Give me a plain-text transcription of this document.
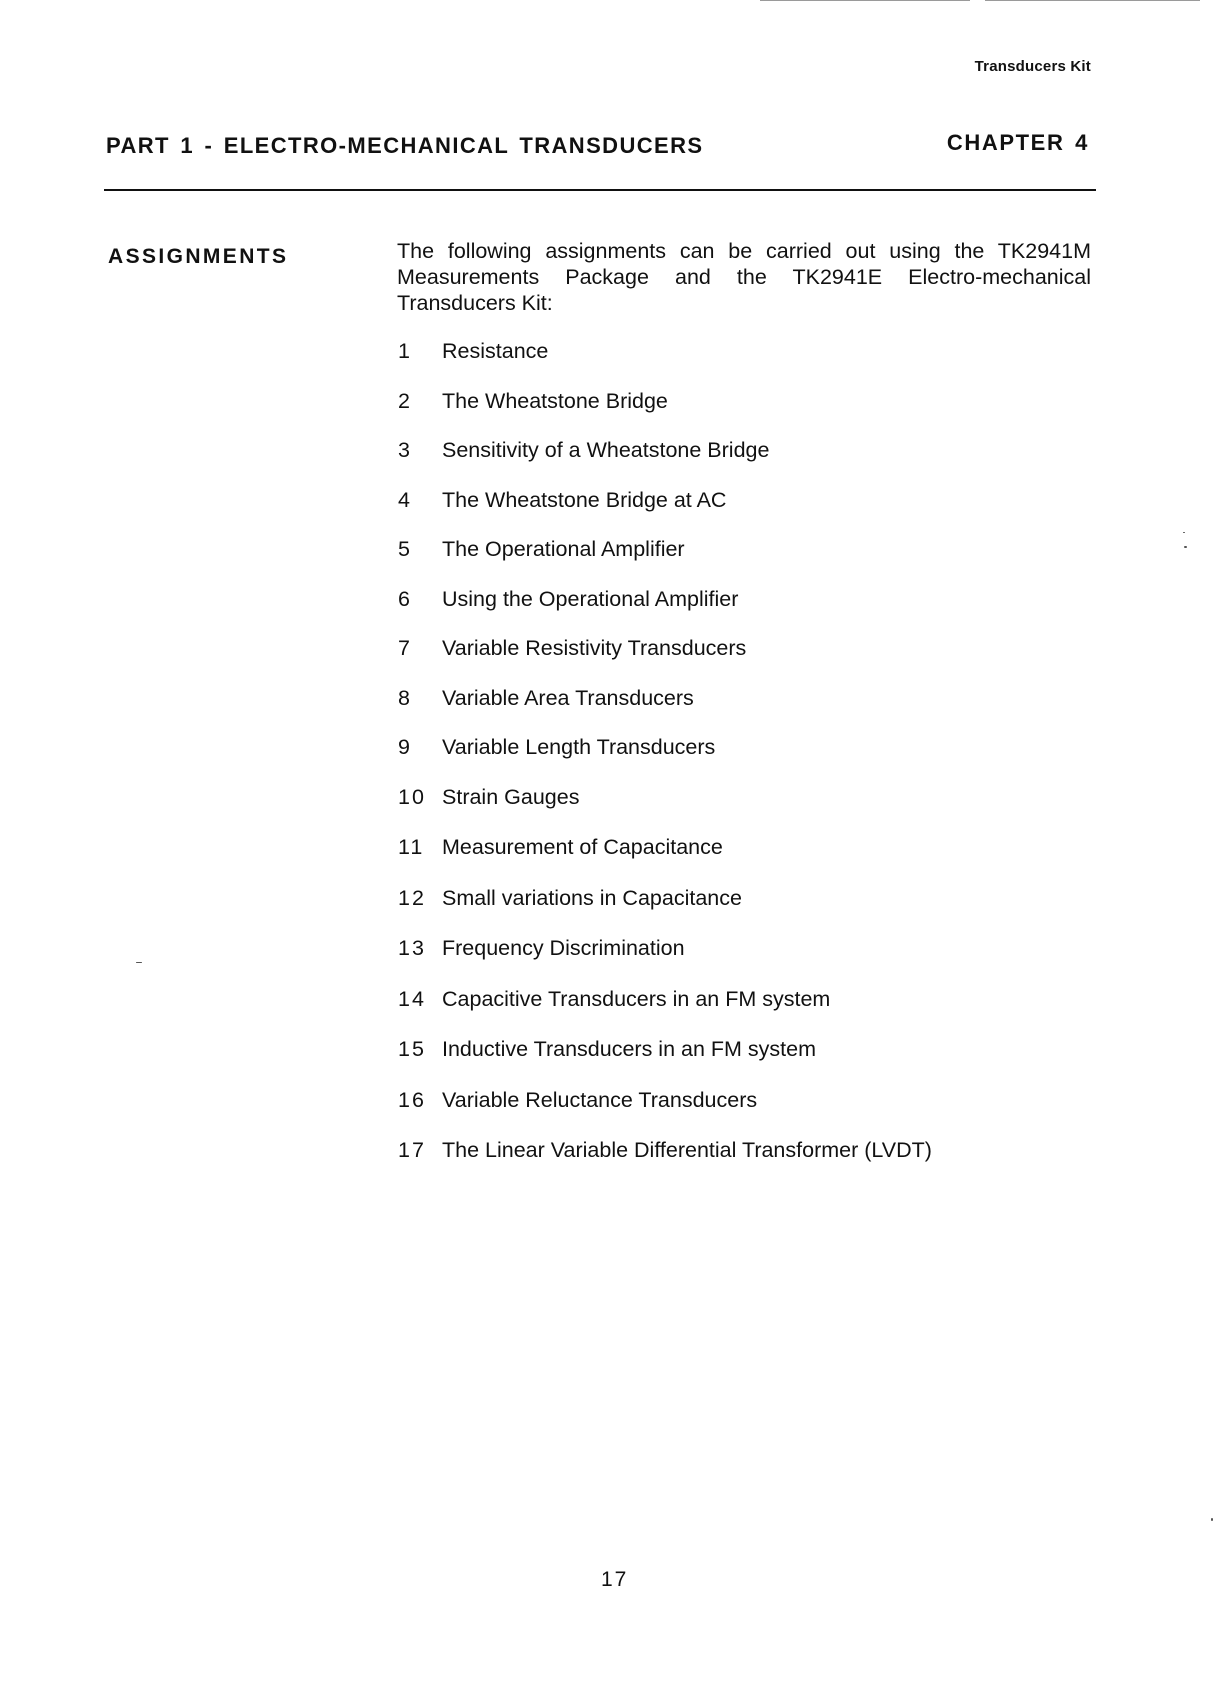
Transducers Kit
PART 1 - ELECTRO-MECHANICAL TRANSDUCERS	CHAPTER 4
ASSIGNMENTS	The following assignments can be carried out using the TK2941M Measurements Package and the TK2941E Electro-mechanical Transducers Kit:

1 Resistance
2 The Wheatstone Bridge
3 Sensitivity of a Wheatstone Bridge
4 The Wheatstone Bridge at AC
5 The Operational Amplifier
6 Using the Operational Amplifier
7 Variable Resistivity Transducers
8 Variable Area Transducers
9 Variable Length Transducers
10 Strain Gauges
11 Measurement of Capacitance
12 Small variations in Capacitance
13 Frequency Discrimination
14 Capacitive Transducers in an FM system
15 Inductive Transducers in an FM system
16 Variable Reluctance Transducers
17 The Linear Variable Differential Transformer (LVDT)
17
